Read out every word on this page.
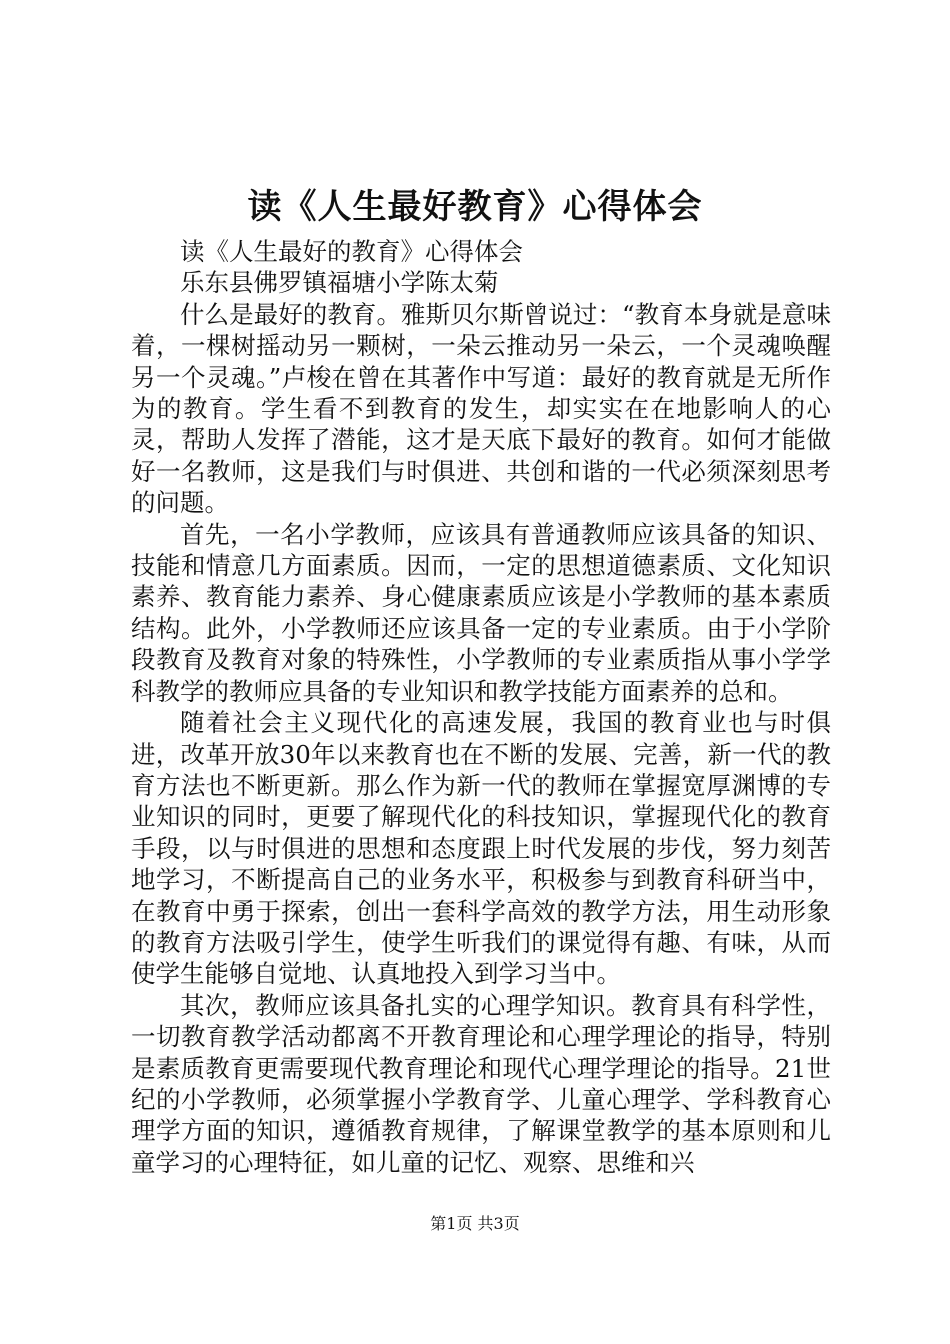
读《人生最好教育》心得体会

读《人生最好的教育》心得体会

乐东县佛罗镇福塘小学陈太菊

什么是最好的教育。雅斯贝尔斯曾说过：“教育本身就是意味着，一棵树摇动另一颗树，一朵云推动另一朵云，一个灵魂唤醒另一个灵魂。”卢梭在曾在其著作中写道：最好的教育就是无所作为的教育。学生看不到教育的发生，却实实在在地影响人的心灵，帮助人发挥了潜能，这才是天底下最好的教育。如何才能做好一名教师，这是我们与时俱进、共创和谐的一代必须深刻思考的问题。

首先，一名小学教师，应该具有普通教师应该具备的知识、技能和情意几方面素质。因而，一定的思想道德素质、文化知识素养、教育能力素养、身心健康素质应该是小学教师的基本素质结构。此外，小学教师还应该具备一定的专业素质。由于小学阶段教育及教育对象的特殊性，小学教师的专业素质指从事小学学科教学的教师应具备的专业知识和教学技能方面素养的总和。

随着社会主义现代化的高速发展，我国的教育业也与时俱进，改革开放30年以来教育也在不断的发展、完善，新一代的教育方法也不断更新。那么作为新一代的教师在掌握宽厚渊博的专业知识的同时，更要了解现代化的科技知识，掌握现代化的教育手段，以与时俱进的思想和态度跟上时代发展的步伐，努力刻苦地学习，不断提高自己的业务水平，积极参与到教育科研当中，在教育中勇于探索，创出一套科学高效的教学方法，用生动形象的教育方法吸引学生，使学生听我们的课觉得有趣、有味，从而使学生能够自觉地、认真地投入到学习当中。

其次，教师应该具备扎实的心理学知识。教育具有科学性，一切教育教学活动都离不开教育理论和心理学理论的指导，特别是素质教育更需要现代教育理论和现代心理学理论的指导。21世纪的小学教师，必须掌握小学教育学、儿童心理学、学科教育心理学方面的知识，遵循教育规律，了解课堂教学的基本原则和儿童学习的心理特征，如儿童的记忆、观察、思维和兴

第1页 共3页
